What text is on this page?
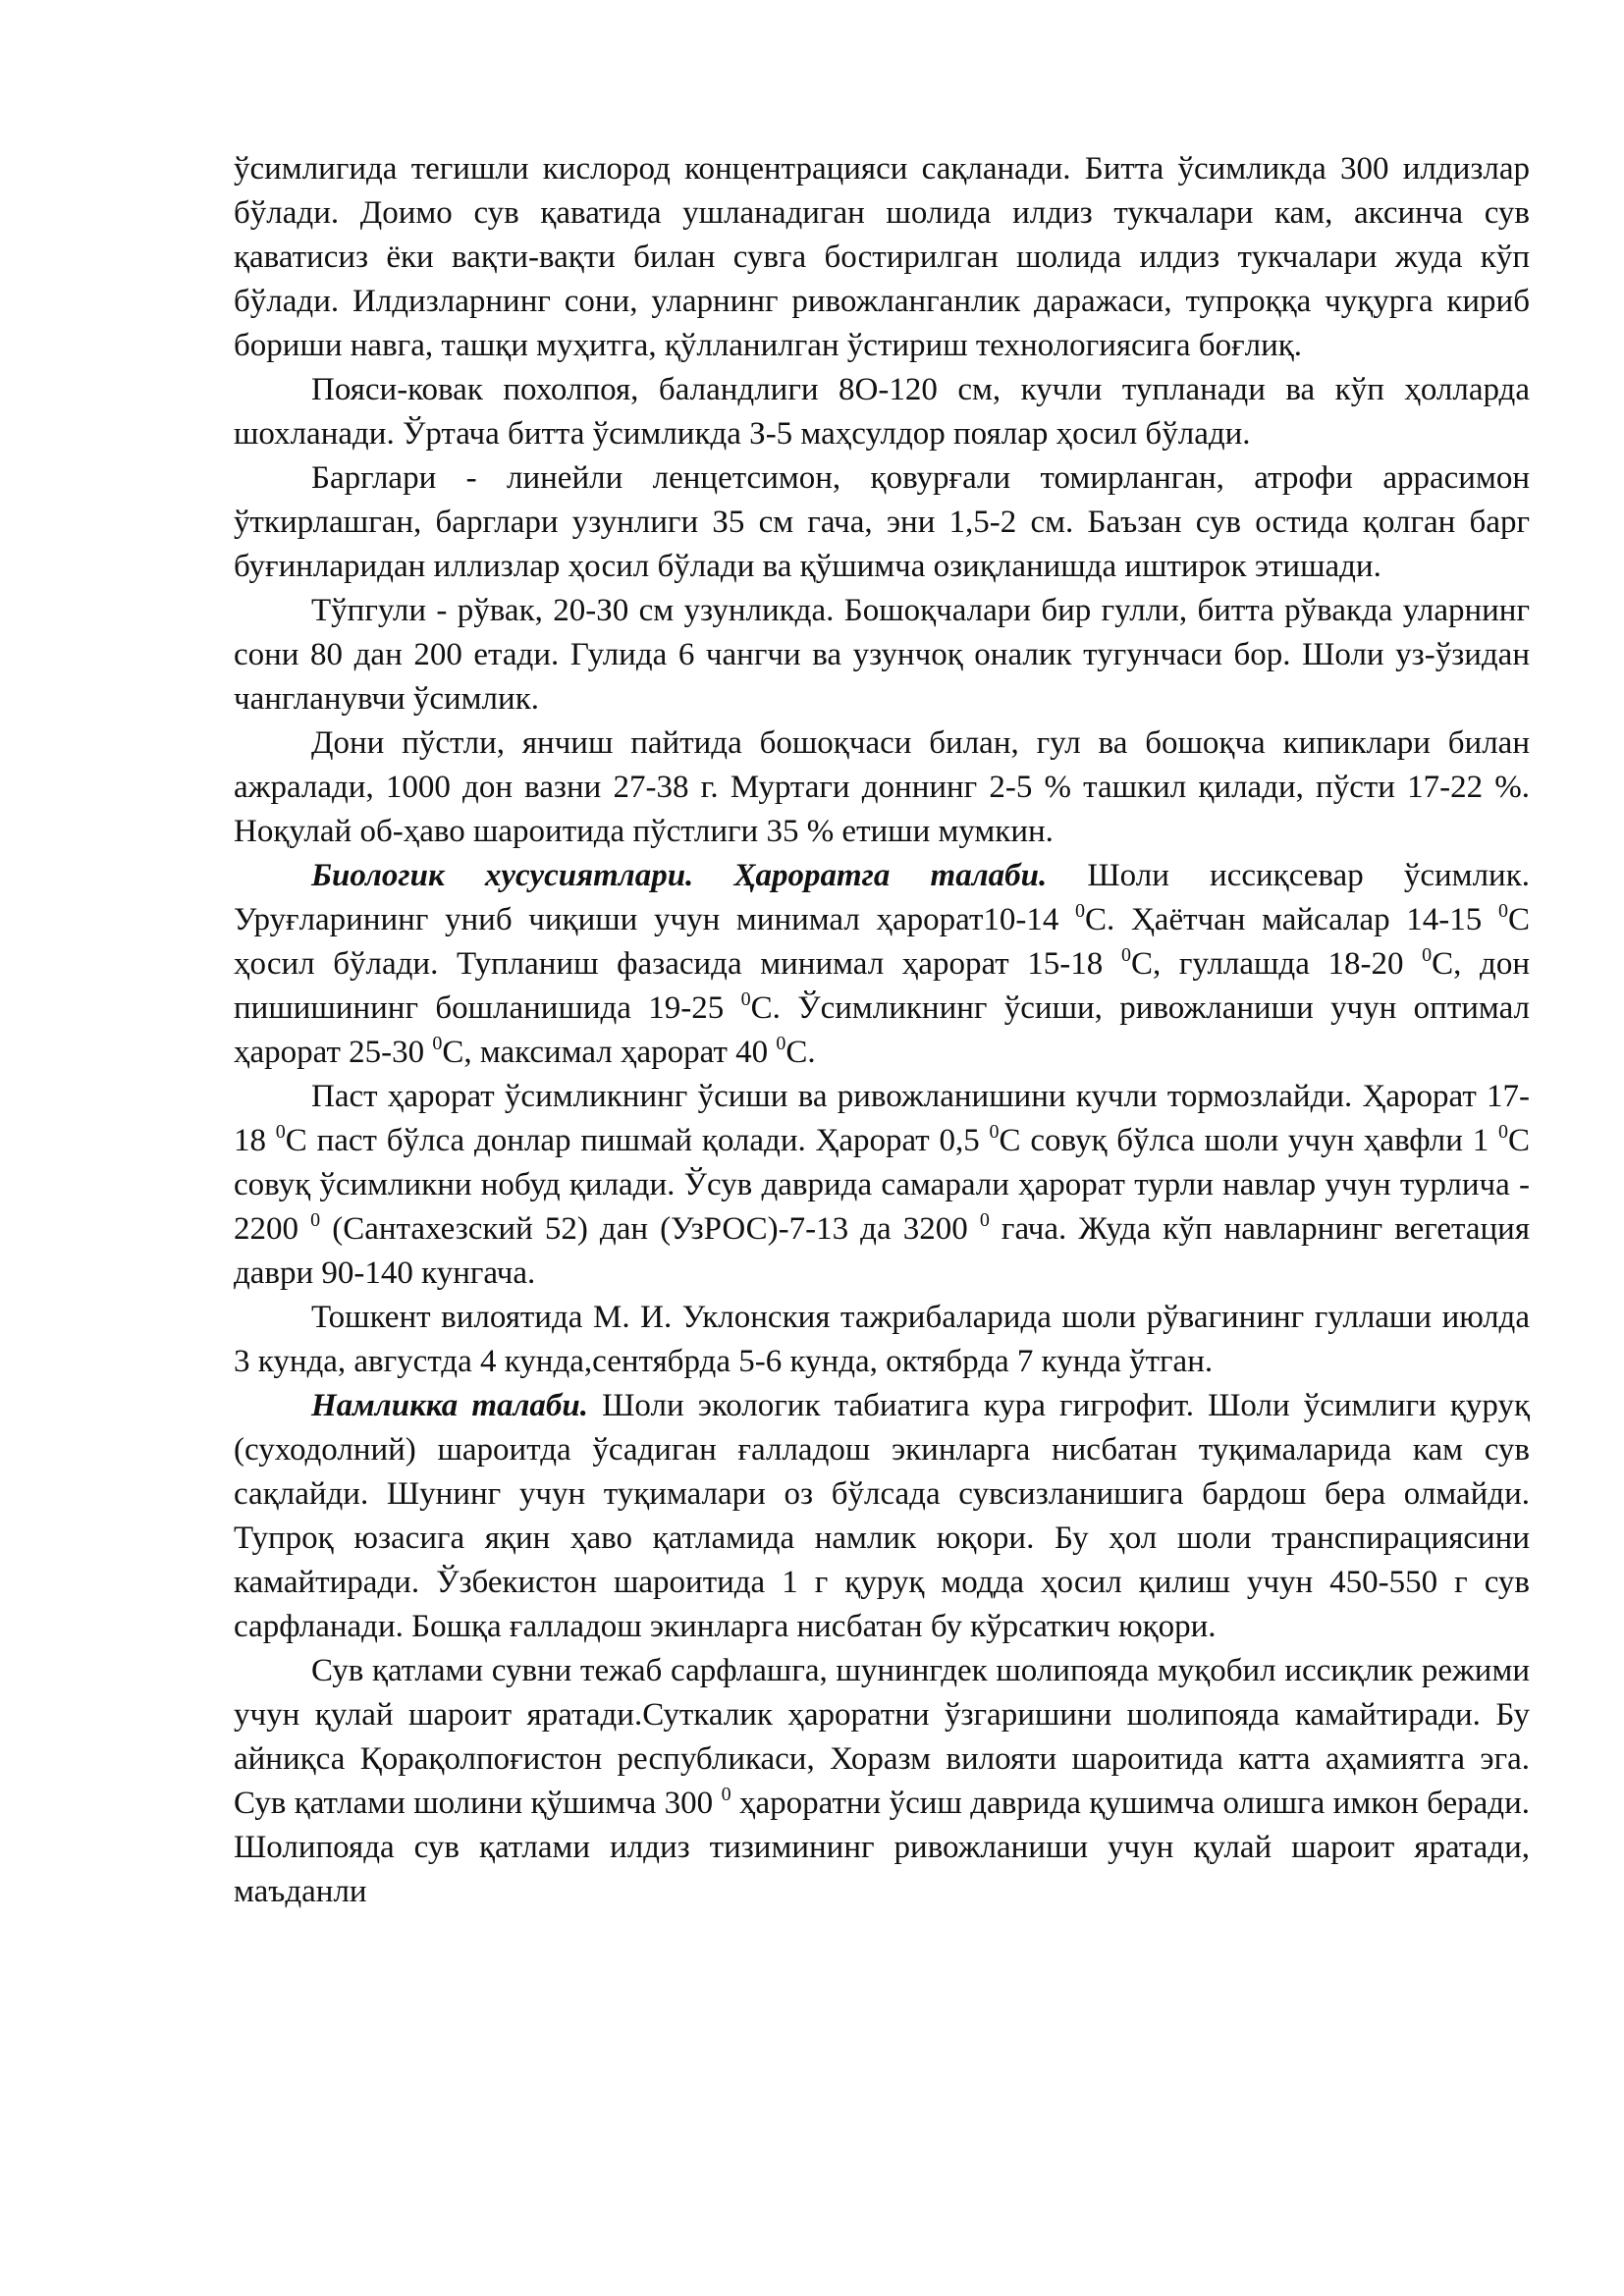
ўсимлигида тегишли кислород концентрацияси сақланади. Битта ўсимликда 300 илдизлар бўлади. Доимо сув қаватида ушланадиган шолида илдиз тукчалари кам, аксинча сув қаватисиз ёки вақти-вақти билан сувга бостирилган шолида илдиз тукчалари жуда кўп бўлади. Илдизларнинг сони, уларнинг ривожланганлик даражаси, тупроққа чуқурга кириб бориши навга, ташқи муҳитга, қўлланилган ўстириш технологиясига боғлиқ.

Пояси-ковак похолпоя, баландлиги 8О-120 см, кучли тупланади ва кўп ҳолларда шохланади. Ўртача битта ўсимликда З-5 маҳсулдор поялар ҳосил бўлади.

Барглари - линейли ленцетсимон, қовурғали томирланган, атрофи аррасимон ўткирлашган, барглари узунлиги З5 см гача, эни 1,5-2 см. Баъзан сув остида қолган барг буғинларидан иллизлар ҳосил бўлади ва қўшимча озиқланишда иштирок этишади.

Тўпгули - рўвак, 20-З0 см узунликда. Бошоқчалари бир гулли, битта рўвакда уларнинг сони 80 дан 200 етади. Гулида 6 чангчи ва узунчоқ оналик тугунчаси бор. Шоли уз-ўзидан чангланувчи ўсимлик.

Дони пўстли, янчиш пайтида бошоқчаси билан, гул ва бошоқча кипиклари билан ажралади, 1000 дон вазни 27-38 г. Муртаги доннинг 2-5 % ташкил қилади, пўсти 17-22 %. Ноқулай об-ҳаво шароитида пўстлиги 35 % етиши мумкин.

Биологик хусусиятлари. Ҳароратга талаби. Шоли иссиқсевар ўсимлик. Уруғларининг униб чиқиши учун минимал ҳарорат10-14 $^0$С. Ҳаётчан майсалар 14-15 $^0$С ҳосил бўлади. Тупланиш фазасида минимал ҳарорат 15-18 $^0$С, гуллашда 18-20 $^0$С, дон пишишининг бошланишида 19-25 $^0$С. Ўсимликнинг ўсиши, ривожланиши учун оптимал ҳарорат 25-30 $^0$С, максимал ҳарорат 40 $^0$С.

Паст ҳарорат ўсимликнинг ўсиши ва ривожланишини кучли тормозлайди. Ҳарорат 17-18 $^0$С паст бўлса донлар пишмай қолади. Ҳарорат 0,5 $^0$С совуқ бўлса шоли учун ҳавфли 1 $^0$С совуқ ўсимликни нобуд қилади. Ўсув даврида самарали ҳарорат турли навлар учун турлича - 2200 $^0$ (Сантахезский 52) дан (УзРОС)-7-13 да 3200 $^0$ гача. Жуда кўп навларнинг вегетация даври 90-140 кунгача.

Тошкент вилоятида М. И. Уклонския тажрибаларида шоли рўвагининг гуллаши июлда 3 кунда, августда 4 кунда,сентябрда 5-6 кунда, октябрда 7 кунда ўтган.

Намликка талаби. Шоли экологик табиатига кура гигрофит. Шоли ўсимлиги қуруқ (суходолний) шароитда ўсадиган ғалладош экинларга нисбатан туқималарида кам сув сақлайди. Шунинг учун туқималари оз бўлсада сувсизланишига бардош бера олмайди. Тупроқ юзасига яқин ҳаво қатламида намлик юқори. Бу ҳол шоли транспирациясини камайтиради. Ўзбекистон шароитида 1 г қуруқ модда ҳосил қилиш учун 450-550 г сув сарфланади. Бошқа ғалладош экинларга нисбатан бу кўрсаткич юқори.

Сув қатлами сувни тежаб сарфлашга, шунингдек шолипояда муқобил иссиқлик режими учун қулай шароит яратади.Суткалик ҳароратни ўзгаришини шолипояда камайтиради. Бу айниқса Қорақолпоғистон республикаси, Хоразм вилояти шароитида катта аҳамиятга эга. Сув қатлами шолини қўшимча 300 $^0$ ҳароратни ўсиш даврида қушимча олишга имкон беради. Шолипояда сув қатлами илдиз тизимининг ривожланиши учун қулай шароит яратади, маъданли
